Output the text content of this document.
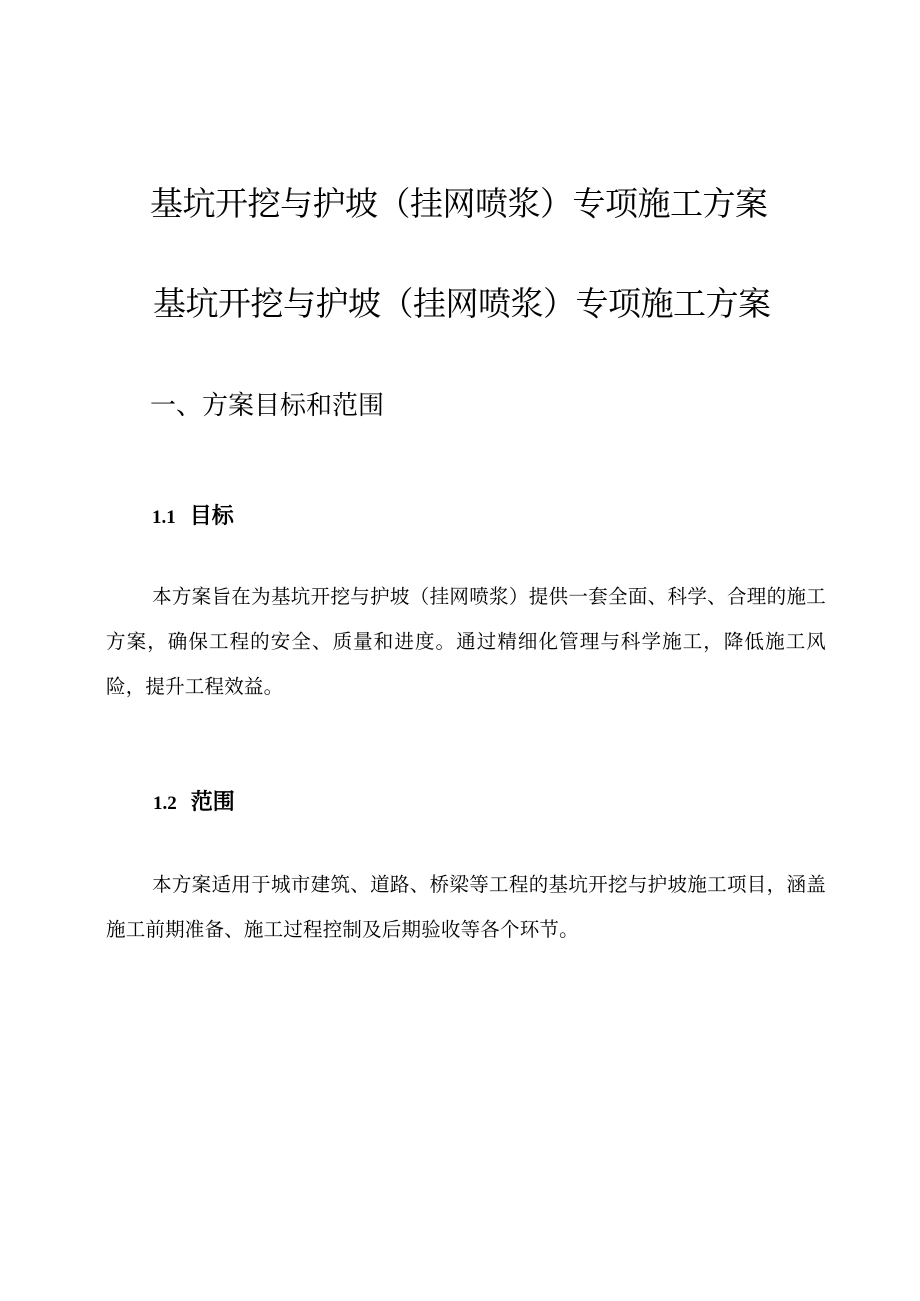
基坑开挖与护坡（挂网喷浆）专项施工方案
基坑开挖与护坡（挂网喷浆）专项施工方案
一、方案目标和范围
1.1 目标

本方案旨在为基坑开挖与护坡（挂网喷浆）提供一套全面、科学、合理的施工方案，确保工程的安全、质量和进度。通过精细化管理与科学施工，降低施工风险，提升工程效益。

1.2 范围

本方案适用于城市建筑、道路、桥梁等工程的基坑开挖与护坡施工项目，涵盖施工前期准备、施工过程控制及后期验收等各个环节。
